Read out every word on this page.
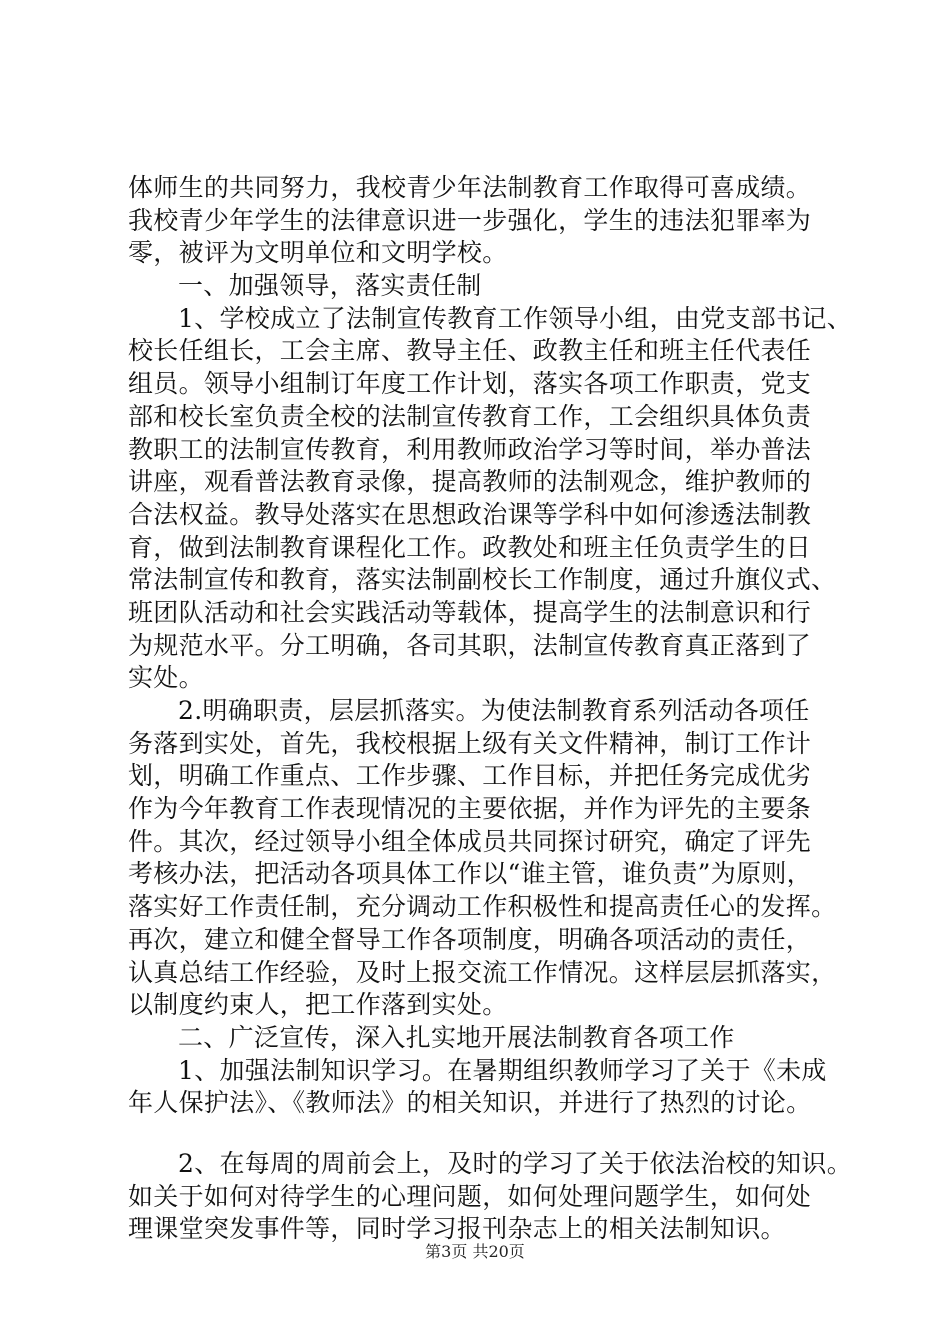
体师生的共同努力，我校青少年法制教育工作取得可喜成绩。
我校青少年学生的法律意识进一步强化，学生的违法犯罪率为
零，被评为文明单位和文明学校。
一、加强领导，落实责任制
1、学校成立了法制宣传教育工作领导小组，由党支部书记、
校长任组长，工会主席、教导主任、政教主任和班主任代表任
组员。领导小组制订年度工作计划，落实各项工作职责，党支
部和校长室负责全校的法制宣传教育工作，工会组织具体负责
教职工的法制宣传教育，利用教师政治学习等时间，举办普法
讲座，观看普法教育录像，提高教师的法制观念，维护教师的
合法权益。教导处落实在思想政治课等学科中如何渗透法制教
育，做到法制教育课程化工作。政教处和班主任负责学生的日
常法制宣传和教育，落实法制副校长工作制度，通过升旗仪式、
班团队活动和社会实践活动等载体，提高学生的法制意识和行
为规范水平。分工明确，各司其职，法制宣传教育真正落到了
实处。
2.明确职责，层层抓落实。为使法制教育系列活动各项任
务落到实处，首先，我校根据上级有关文件精神，制订工作计
划，明确工作重点、工作步骤、工作目标，并把任务完成优劣
作为今年教育工作表现情况的主要依据，并作为评先的主要条
件。其次，经过领导小组全体成员共同探讨研究，确定了评先
考核办法，把活动各项具体工作以“谁主管，谁负责”为原则，
落实好工作责任制，充分调动工作积极性和提高责任心的发挥。
再次，建立和健全督导工作各项制度，明确各项活动的责任，
认真总结工作经验，及时上报交流工作情况。这样层层抓落实，
以制度约束人，把工作落到实处。
二、广泛宣传，深入扎实地开展法制教育各项工作
1、加强法制知识学习。在暑期组织教师学习了关于《未成
年人保护法》、《教师法》的相关知识，并进行了热烈的讨论。
2、在每周的周前会上，及时的学习了关于依法治校的知识。
如关于如何对待学生的心理问题，如何处理问题学生，如何处
理课堂突发事件等，同时学习报刊杂志上的相关法制知识。
第3页 共20页
